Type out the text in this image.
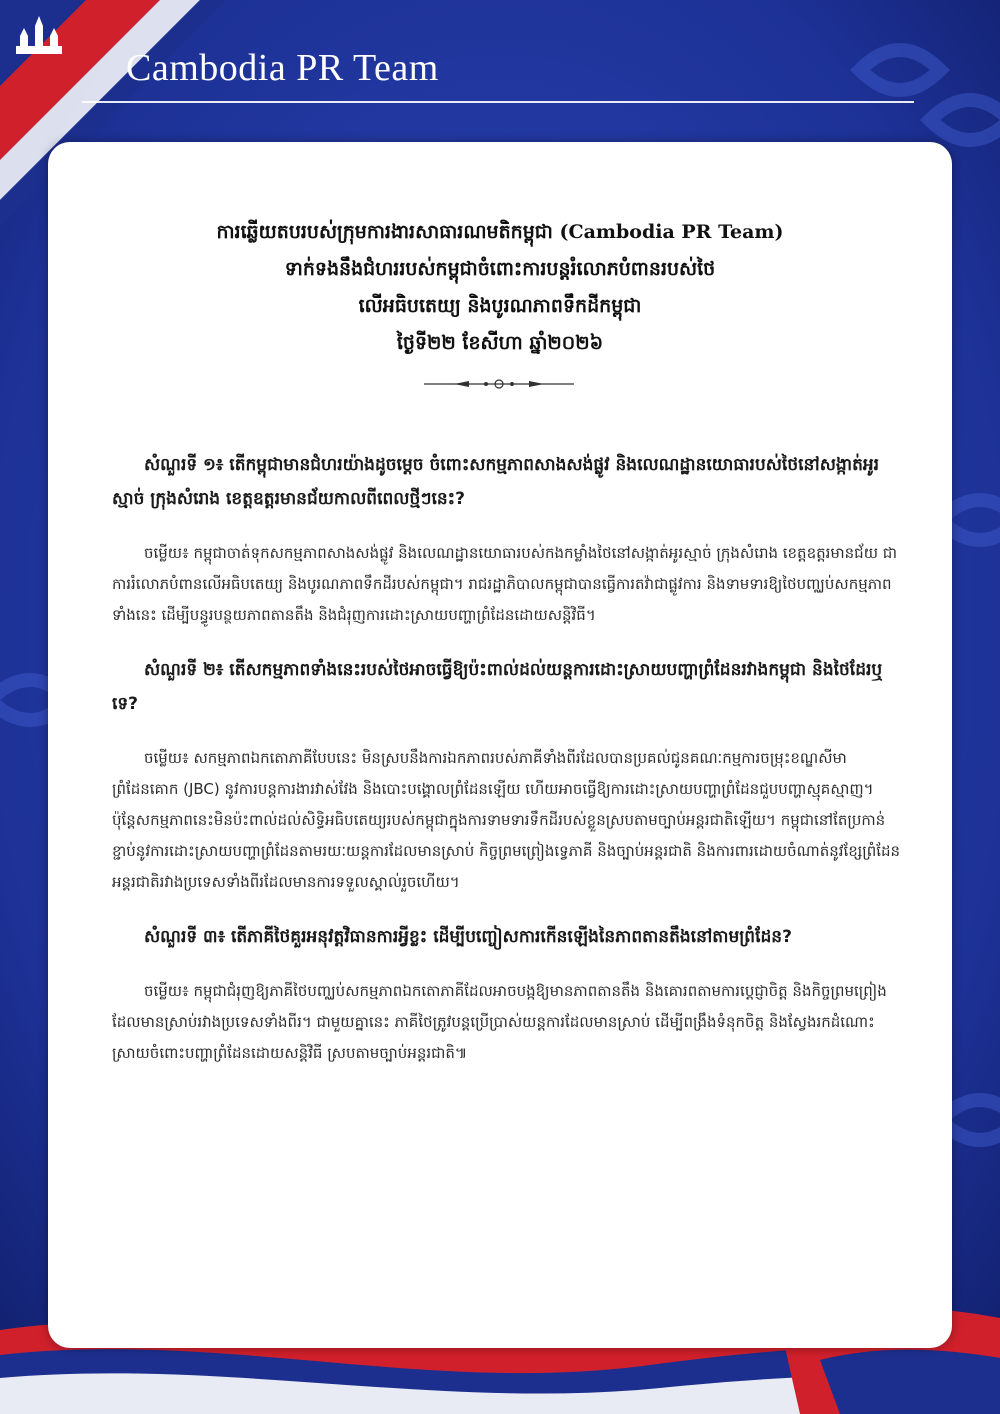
Cambodia PR Team
ការឆ្លើយតបរបស់ក្រុមការងារសាធារណមតិកម្ពុជា (Cambodia PR Team)
ទាក់ទងនឹងជំហររបស់កម្ពុជាចំពោះការបន្តរំលោភបំពានរបស់ថៃ
លើអធិបតេយ្យ និងបូរណភាពទឹកដីកម្ពុជា
ថ្ងៃទី២២ ខែសីហា ឆ្នាំ២០២៦

សំណួរទី ១៖ តើកម្ពុជាមានជំហរយ៉ាងដូចម្តេច ចំពោះសកម្មភាពសាងសង់ផ្លូវ និងលេណដ្ឋានយោធារបស់ថៃនៅសង្កាត់អូរស្មាច់ ក្រុងសំរោង ខេត្តឧត្តរមានជ័យកាលពីពេលថ្មីៗនេះ?

ចម្លើយ៖ កម្ពុជាចាត់ទុកសកម្មភាពសាងសង់ផ្លូវ និងលេណដ្ឋានយោធារបស់កងកម្លាំងថៃនៅសង្កាត់អូរស្មាច់ ក្រុងសំរោង ខេត្តឧត្តរមានជ័យ ជាការរំលោភបំពានលើអធិបតេយ្យ និងបូរណភាពទឹកដីរបស់កម្ពុជា។ រាជរដ្ឋាភិបាលកម្ពុជាបានធ្វើការតវ៉ាជាផ្លូវការ និងទាមទារឱ្យថៃបញ្ឈប់សកម្មភាពទាំងនេះ ដើម្បីបន្ធូរបន្ថយភាពតានតឹង និងជំរុញការដោះស្រាយបញ្ហាព្រំដែនដោយសន្តិវិធី។

សំណួរទី ២៖ តើសកម្មភាពទាំងនេះរបស់ថៃអាចធ្វើឱ្យប៉ះពាល់ដល់យន្តការដោះស្រាយបញ្ហាព្រំដែនរវាងកម្ពុជា និងថៃដែរឬទេ?

ចម្លើយ៖ សកម្មភាពឯកតោភាគីបែបនេះ មិនស្របនឹងការឯកភាពរបស់ភាគីទាំងពីរដែលបានប្រគល់ជូនគណៈកម្មការចម្រុះខណ្ឌសីមាព្រំដែនគោក (JBC) នូវការបន្តការងារវាស់វែង និងបោះបង្គោលព្រំដែនឡើយ ហើយអាចធ្វើឱ្យការដោះស្រាយបញ្ហាព្រំដែនជួបបញ្ហាស្មុគស្មាញ។ ប៉ុន្តែសកម្មភាពនេះមិនប៉ះពាល់ដល់សិទ្ធិអធិបតេយ្យរបស់កម្ពុជាក្នុងការទាមទារទឹកដីរបស់ខ្លួនស្របតាមច្បាប់អន្តរជាតិឡើយ។ កម្ពុជានៅតែប្រកាន់ខ្ជាប់នូវការដោះស្រាយបញ្ហាព្រំដែនតាមរយៈយន្តការដែលមានស្រាប់ កិច្ចព្រមព្រៀងទ្វេភាគី និងច្បាប់អន្តរជាតិ និងការពារដោយចំណាត់នូវខ្សែព្រំដែនអន្តរជាតិរវាងប្រទេសទាំងពីរដែលមានការទទួលស្គាល់រួចហើយ។

សំណួរទី ៣៖ តើភាគីថៃគួរអនុវត្តវិធានការអ្វីខ្លះ ដើម្បីបញ្ចៀសការកើនឡើងនៃភាពតានតឹងនៅតាមព្រំដែន?

ចម្លើយ៖ កម្ពុជាជំរុញឱ្យភាគីថៃបញ្ឈប់សកម្មភាពឯកតោភាគីដែលអាចបង្កឱ្យមានភាពតានតឹង និងគោរពតាមការប្តេជ្ញាចិត្ត និងកិច្ចព្រមព្រៀងដែលមានស្រាប់រវាងប្រទេសទាំងពីរ។ ជាមួយគ្នានេះ ភាគីថៃត្រូវបន្តប្រើប្រាស់យន្តការដែលមានស្រាប់ ដើម្បីពង្រឹងទំនុកចិត្ត និងស្វែងរកដំណោះស្រាយចំពោះបញ្ហាព្រំដែនដោយសន្តិវិធី ស្របតាមច្បាប់អន្តរជាតិ៕
